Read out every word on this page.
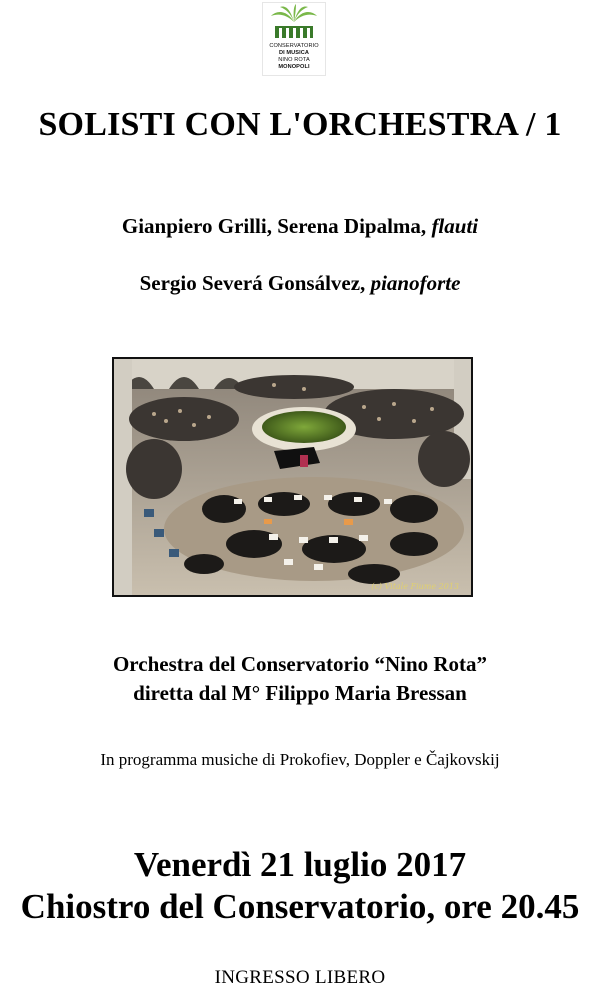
CONSERVATORIO
DI MUSICA
NINO ROTA
MONOPOLI
SOLISTI CON L'ORCHESTRA / 1
Gianpiero Grilli, Serena Dipalma, flauti
Sergio Severá Gonsálvez, pianoforte
(c) Vitale Fiume 2013
Orchestra del Conservatorio “Nino Rota”
diretta dal M° Filippo Maria Bressan
In programma musiche di Prokofiev, Doppler e Čajkovskij
Venerdì 21 luglio 2017
Chiostro del Conservatorio, ore 20.45
INGRESSO LIBERO
